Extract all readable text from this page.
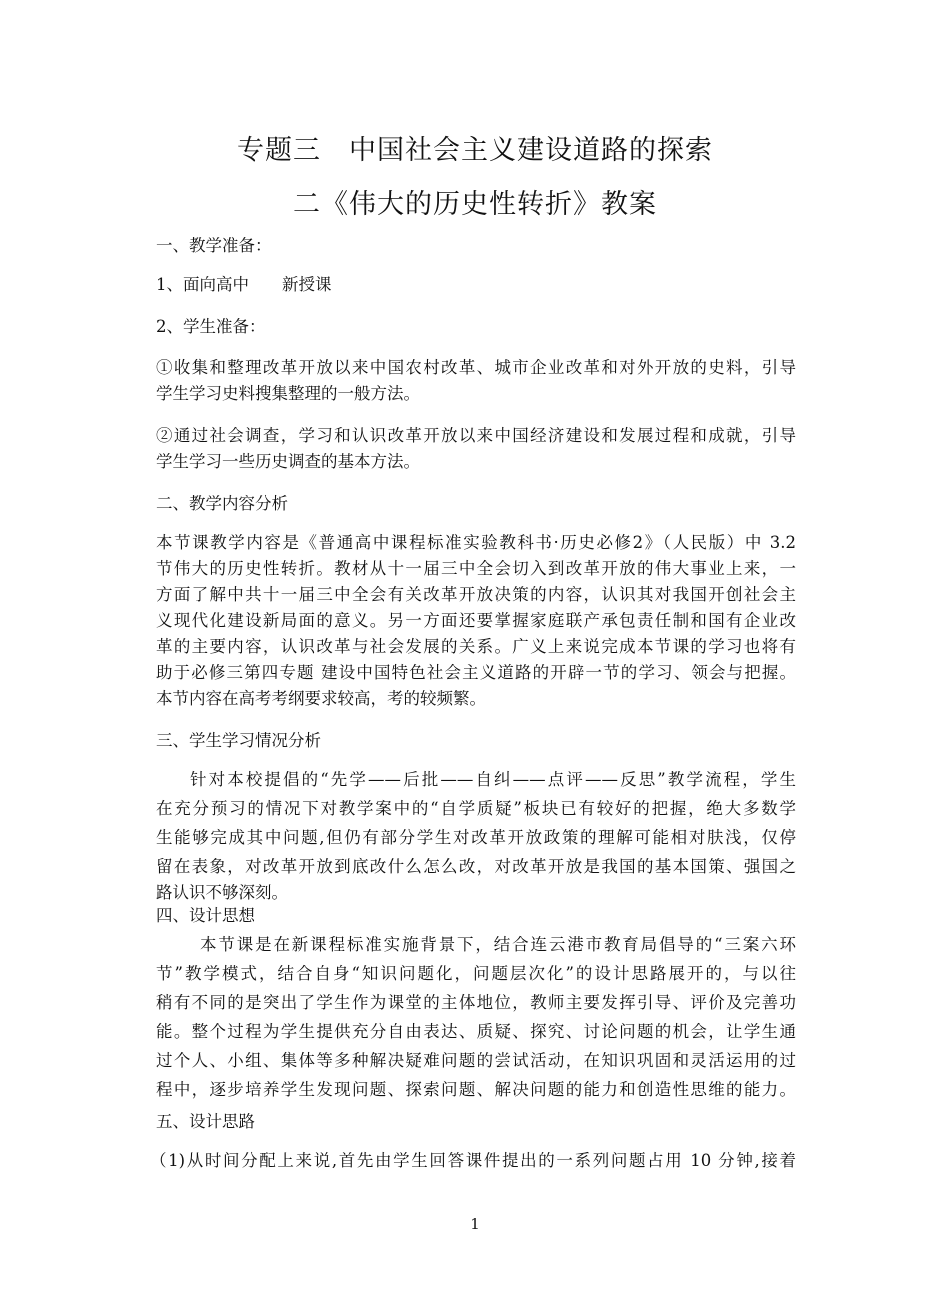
专题三　中国社会主义建设道路的探索
二《伟大的历史性转折》教案
一、教学准备：
1、面向高中　　新授课
2、学生准备：
①收集和整理改革开放以来中国农村改革、城市企业改革和对外开放的史料，引导
学生学习史料搜集整理的一般方法。
②通过社会调查，学习和认识改革开放以来中国经济建设和发展过程和成就，引导
学生学习一些历史调查的基本方法。
二、教学内容分析
本节课教学内容是《普通高中课程标准实验教科书·历史必修2》（人民版）中 3.2
节伟大的历史性转折。教材从十一届三中全会切入到改革开放的伟大事业上来，一
方面了解中共十一届三中全会有关改革开放决策的内容，认识其对我国开创社会主
义现代化建设新局面的意义。另一方面还要掌握家庭联产承包责任制和国有企业改
革的主要内容，认识改革与社会发展的关系。广义上来说完成本节课的学习也将有
助于必修三第四专题 建设中国特色社会主义道路的开辟一节的学习、领会与把握。
本节内容在高考考纲要求较高，考的较频繁。
三、学生学习情况分析
针对本校提倡的“先学——后批——自纠——点评——反思”教学流程，学生
在充分预习的情况下对教学案中的“自学质疑”板块已有较好的把握，绝大多数学
生能够完成其中问题,但仍有部分学生对改革开放政策的理解可能相对肤浅，仅停
留在表象，对改革开放到底改什么怎么改，对改革开放是我国的基本国策、强国之
路认识不够深刻。
四、设计思想
本节课是在新课程标准实施背景下，结合连云港市教育局倡导的“三案六环
节”教学模式，结合自身“知识问题化，问题层次化”的设计思路展开的，与以往
稍有不同的是突出了学生作为课堂的主体地位，教师主要发挥引导、评价及完善功
能。整个过程为学生提供充分自由表达、质疑、探究、讨论问题的机会，让学生通
过个人、小组、集体等多种解决疑难问题的尝试活动，在知识巩固和灵活运用的过
程中，逐步培养学生发现问题、探索问题、解决问题的能力和创造性思维的能力。
五、设计思路
（1)从时间分配上来说,首先由学生回答课件提出的一系列问题占用 10 分钟,接着
1
